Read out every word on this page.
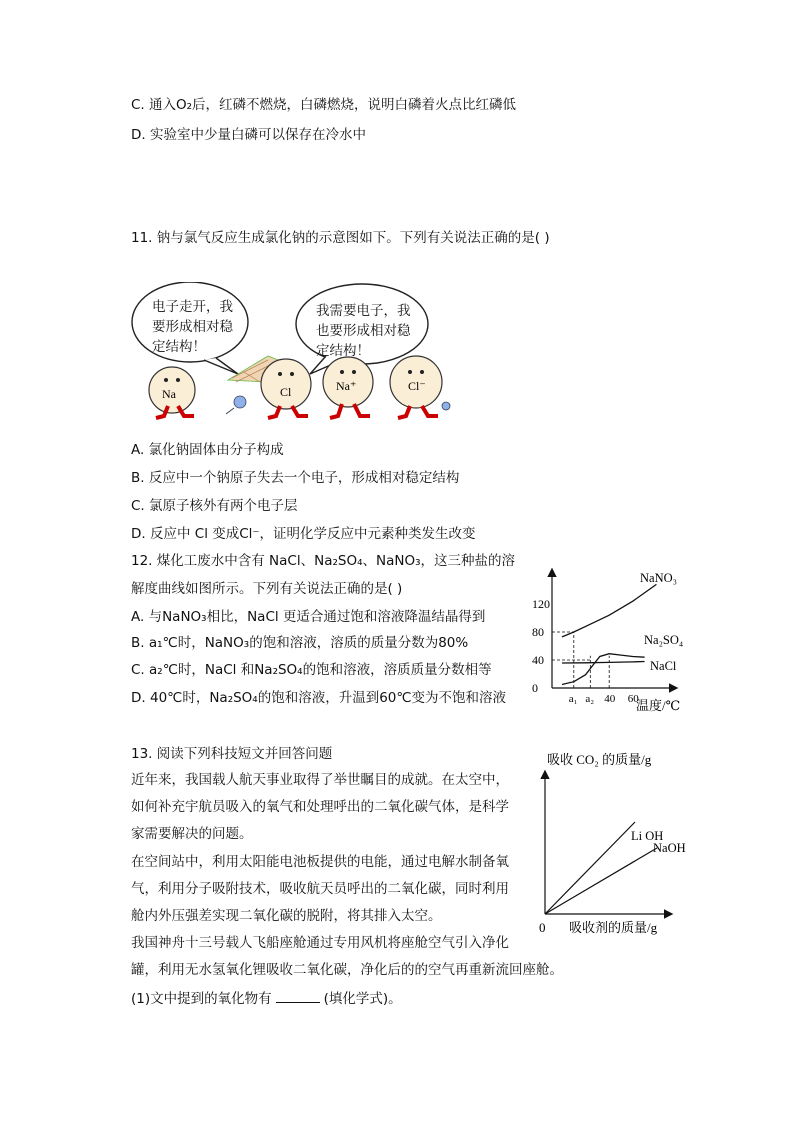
C. 通入O₂后，红磷不燃烧，白磷燃烧，说明白磷着火点比红磷低
D. 实验室中少量白磷可以保存在冷水中
11. 钠与氯气反应生成氯化钠的示意图如下。下列有关说法正确的是( )
Na	Cl	Na⁺	Cl⁻
电子走开，我
要形成相对稳
定结构！
我需要电子，我
也要形成相对稳
定结构！
A. 氯化钠固体由分子构成
B. 反应中一个钠原子失去一个电子，形成相对稳定结构
C. 氯原子核外有两个电子层
D. 反应中 Cl 变成Cl⁻，证明化学反应中元素种类发生改变
12. 煤化工废水中含有 NaCl、Na₂SO₄、NaNO₃，这三种盐的溶
解度曲线如图所示。下列有关说法正确的是( )
A. 与NaNO₃相比，NaCl 更适合通过饱和溶液降温结晶得到
B. a₁℃时，NaNO₃的饱和溶液，溶质的质量分数为80%
C. a₂℃时，NaCl 和Na₂SO₄的饱和溶液，溶质质量分数相等
D. 40℃时，Na₂SO₄的饱和溶液，升温到60℃变为不饱和溶液
0
40
80
120
a₁ a₂ 40 60
NaNO₃
Na₂SO₄
NaCl
温度/℃
13. 阅读下列科技短文并回答问题
近年来，我国载人航天事业取得了举世瞩目的成就。在太空中，
如何补充宇航员吸入的氧气和处理呼出的二氧化碳气体，是科学
家需要解决的问题。
在空间站中，利用太阳能电池板提供的电能，通过电解水制备氧
气，利用分子吸附技术，吸收航天员呼出的二氧化碳，同时利用
舱内外压强差实现二氧化碳的脱附，将其排入太空。
我国神舟十三号载人飞船座舱通过专用风机将座舱空气引入净化
罐，利用无水氢氧化锂吸收二氧化碳，净化后的的空气再重新流回座舱。
(1)文中提到的氧化物有	(填化学式)。
吸收 CO₂ 的质量/g
Li OH
NaOH
0 吸收剂的质量/g
